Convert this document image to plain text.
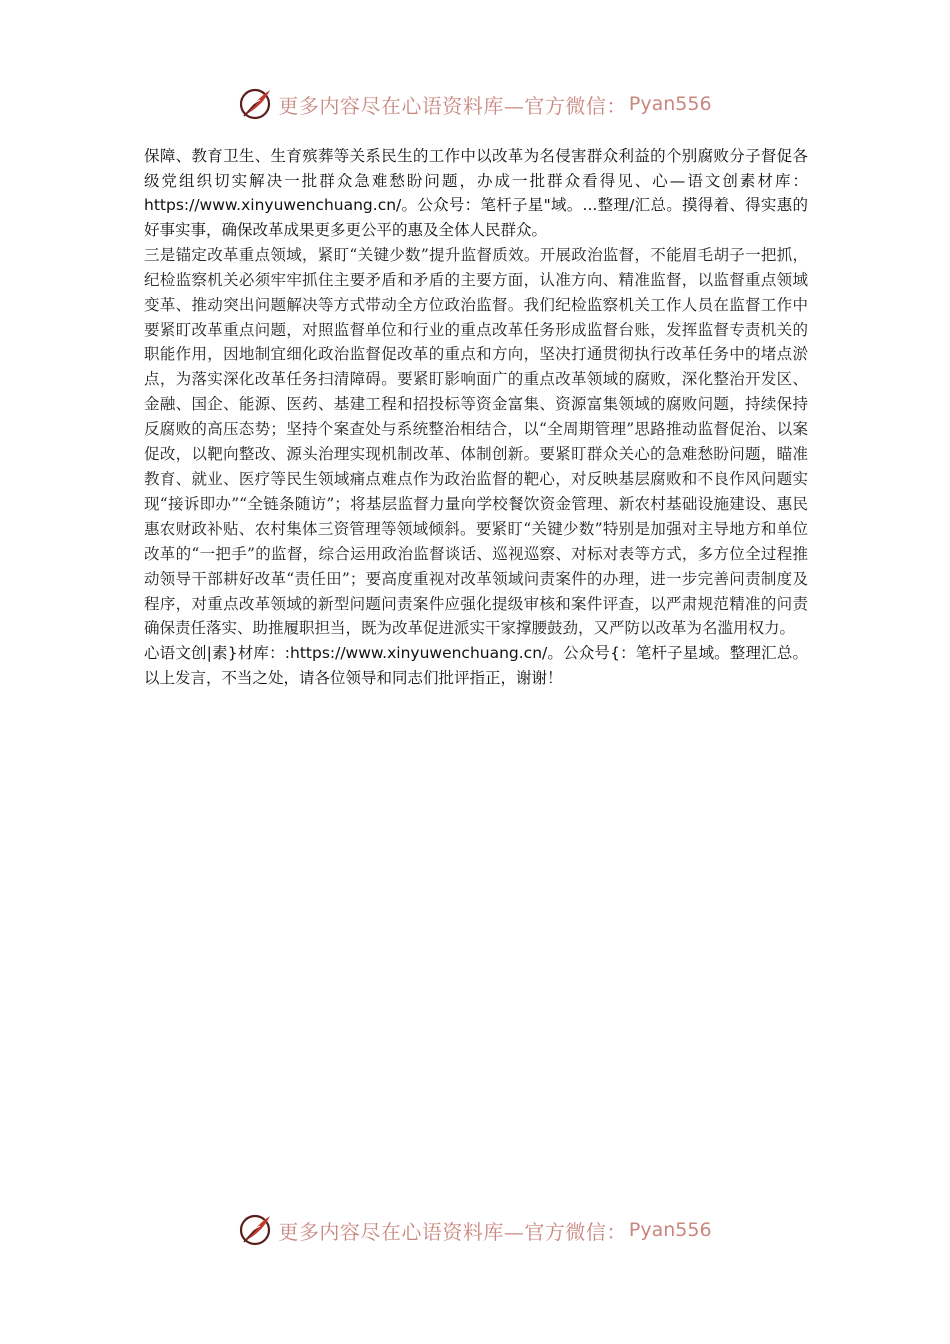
更多内容尽在心语资料库—官方微信： Pyan556

保障、教育卫生、生育殡葬等关系民生的工作中以改革为名侵害群众利益的个别腐败分子督促各级党组织切实解决一批群众急难愁盼问题，办成一批群众看得见、心—语文创素材库：https://www.xinyuwenchuang.cn/。公众号：笔杆子星"域。...整理/汇总。摸得着、得实惠的好事实事，确保改革成果更多更公平的惠及全体人民群众。

三是锚定改革重点领域，紧盯“关键少数”提升监督质效。开展政治监督，不能眉毛胡子一把抓，纪检监察机关必须牢牢抓住主要矛盾和矛盾的主要方面，认准方向、精准监督，以监督重点领域变革、推动突出问题解决等方式带动全方位政治监督。我们纪检监察机关工作人员在监督工作中要紧盯改革重点问题，对照监督单位和行业的重点改革任务形成监督台账，发挥监督专责机关的职能作用，因地制宜细化政治监督促改革的重点和方向，坚决打通贯彻执行改革任务中的堵点淤点，为落实深化改革任务扫清障碍。要紧盯影响面广的重点改革领域的腐败，深化整治开发区、金融、国企、能源、医药、基建工程和招投标等资金富集、资源富集领域的腐败问题，持续保持反腐败的高压态势；坚持个案查处与系统整治相结合，以“全周期管理”思路推动监督促治、以案促改，以靶向整改、源头治理实现机制改革、体制创新。要紧盯群众关心的急难愁盼问题，瞄准教育、就业、医疗等民生领域痛点难点作为政治监督的靶心，对反映基层腐败和不良作风问题实现“接诉即办”“全链条随访”；将基层监督力量向学校餐饮资金管理、新农村基础设施建设、惠民惠农财政补贴、农村集体三资管理等领域倾斜。要紧盯“关键少数”特别是加强对主导地方和单位改革的“一把手”的监督，综合运用政治监督谈话、巡视巡察、对标对表等方式，多方位全过程推动领导干部耕好改革“责任田”；要高度重视对改革领域问责案件的办理，进一步完善问责制度及程序，对重点改革领域的新型问题问责案件应强化提级审核和案件评查，以严肃规范精准的问责确保责任落实、助推履职担当，既为改革促进派实干家撑腰鼓劲，又严防以改革为名滥用权力。

心语文创|素}材库：:https://www.xinyuwenchuang.cn/。公众号{：笔杆子星域。整理汇总。以上发言，不当之处，请各位领导和同志们批评指正，谢谢！

更多内容尽在心语资料库—官方微信： Pyan556
